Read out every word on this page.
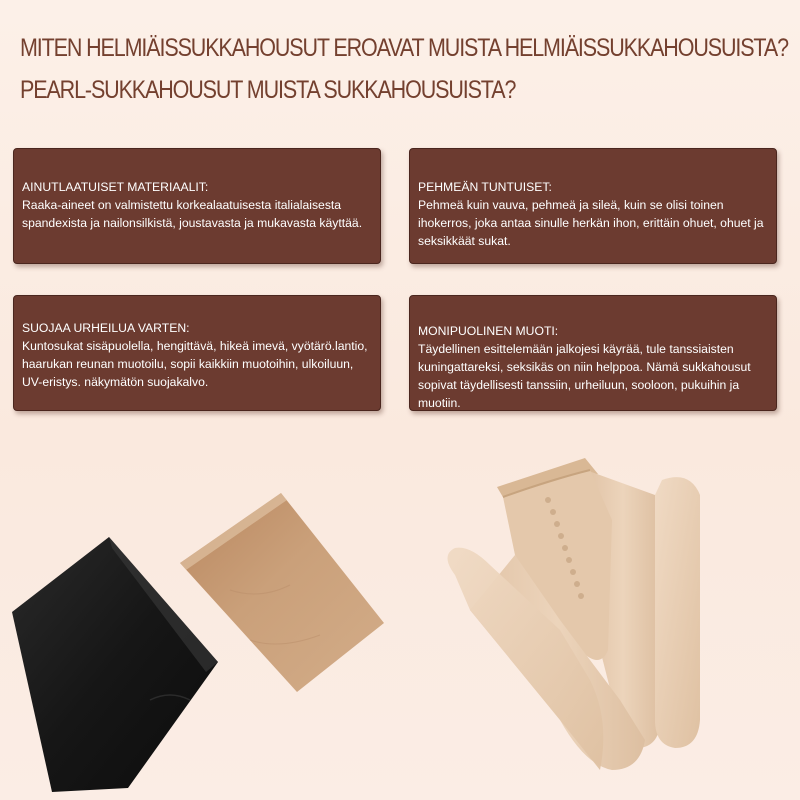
MITEN HELMIÄISSUKKAHOUSUT EROAVAT MUISTA HELMIÄISSUKKAHOUSUISTA?
PEARL-SUKKAHOUSUT MUISTA SUKKAHOUSUISTA?

AINUTLAATUISET MATERIAALIT:

Raaka-aineet on valmistettu korkealaatuisesta italialaisesta spandexista ja nailonsilkistä, joustavasta ja mukavasta käyttää.

PEHMEÄN TUNTUISET:

Pehmeä kuin vauva, pehmeä ja sileä, kuin se olisi toinen ihokerros, joka antaa sinulle herkän ihon, erittäin ohuet, ohuet ja seksikkäät sukat.

SUOJAA URHEILUA VARTEN:

Kuntosukat sisäpuolella, hengittävä, hikeä imevä, vyötärö.lantio, haarukan reunan muotoilu, sopii kaikkiin muotoihin, ulkoiluun, UV-eristys. näkymätön suojakalvo.

MONIPUOLINEN MUOTI:

Täydellinen esittelemään jalkojesi käyrää, tule tanssiaisten kuningattareksi, seksikäs on niin helppoa. Nämä sukkahousut sopivat täydellisesti tanssiin, urheiluun, sooloon, pukuihin ja muotiin.
